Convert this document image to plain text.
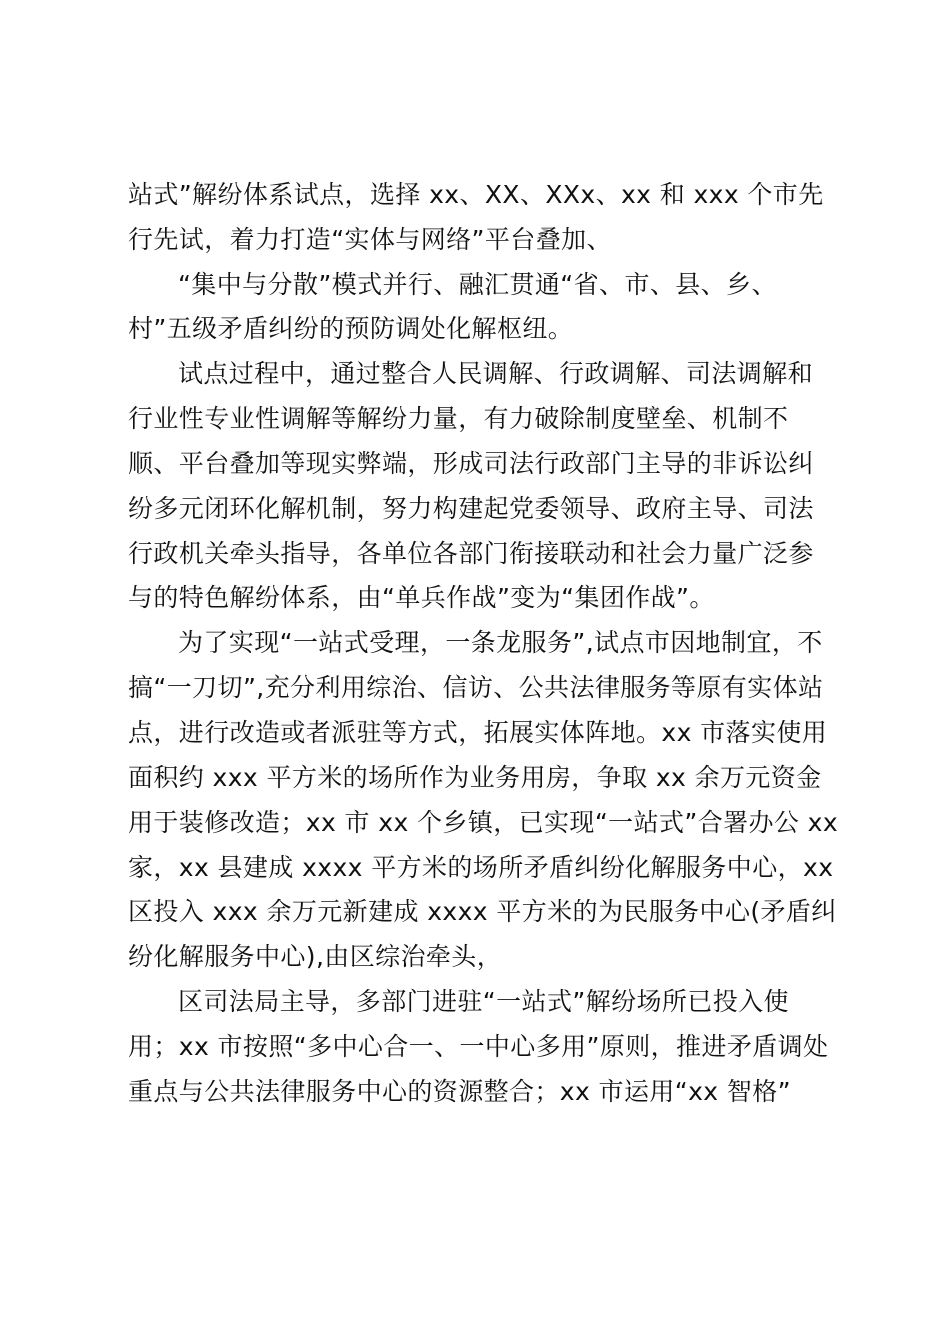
站式”解纷体系试点，选择 xx、XX、XXx、xx 和 xxx 个市先
行先试，着力打造“实体与网络”平台叠加、
“集中与分散”模式并行、融汇贯通“省、市、县、乡、
村”五级矛盾纠纷的预防调处化解枢纽。
试点过程中，通过整合人民调解、行政调解、司法调解和
行业性专业性调解等解纷力量，有力破除制度壁垒、机制不
顺、平台叠加等现实弊端，形成司法行政部门主导的非诉讼纠
纷多元闭环化解机制，努力构建起党委领导、政府主导、司法
行政机关牵头指导，各单位各部门衔接联动和社会力量广泛参
与的特色解纷体系，由“单兵作战”变为“集团作战”。
为了实现“一站式受理，一条龙服务”,试点市因地制宜，不
搞“一刀切”,充分利用综治、信访、公共法律服务等原有实体站
点，进行改造或者派驻等方式，拓展实体阵地。xx 市落实使用
面积约 xxx 平方米的场所作为业务用房，争取 xx 余万元资金
用于装修改造；xx 市 xx 个乡镇，已实现“一站式”合署办公 xx
家，xx 县建成 xxxx 平方米的场所矛盾纠纷化解服务中心，xx
区投入 xxx 余万元新建成 xxxx 平方米的为民服务中心(矛盾纠
纷化解服务中心),由区综治牵头，
区司法局主导，多部门进驻“一站式”解纷场所已投入使
用；xx 市按照“多中心合一、一中心多用”原则，推进矛盾调处
重点与公共法律服务中心的资源整合；xx 市运用“xx 智格”
